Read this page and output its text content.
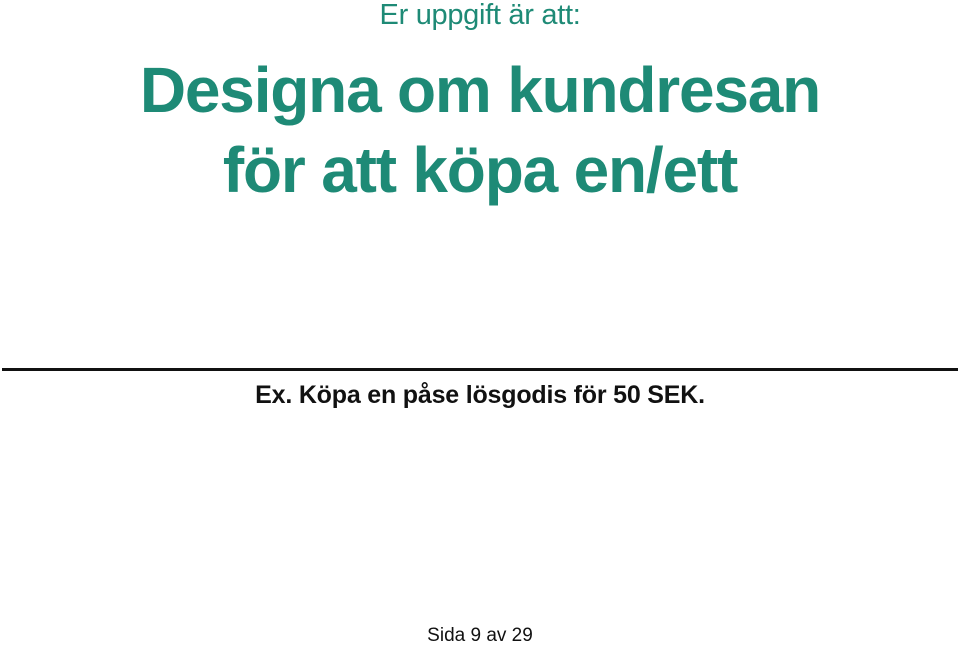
Er uppgift är att:
Designa om kundresan
för att köpa en/ett
Ex. Köpa en påse lösgodis för 50 SEK.
Sida 9 av 29
